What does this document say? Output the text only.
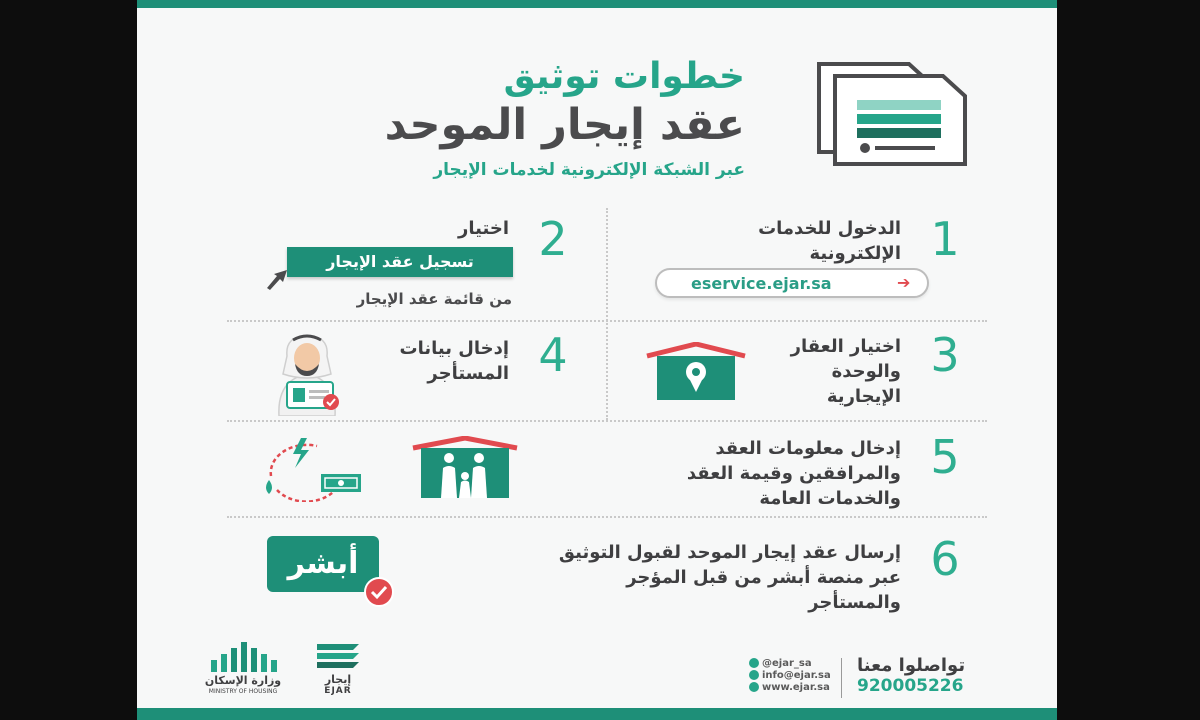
خطوات توثيق
عقد إيجار الموحد
عبر الشبكة الإلكترونية لخدمات الإيجار
1
الدخول للخدمات
الإلكترونية
eservice.ejar.sa	➔
2
اختيار
تسجيل عقد الإيجار
من قائمة عقد الإيجار
3
اختيار العقار
والوحدة
الإيجارية
4
إدخال بيانات
المستأجر
5
إدخال معلومات العقد
والمرافقين وقيمة العقد
والخدمات العامة
6
إرسال عقد إيجار الموحد لقبول التوثيق
عبر منصة أبشر من قبل المؤجر
والمستأجر
أبشر
تواصلوا معنا
920005226
@ejar_sa
info@ejar.sa
www.ejar.sa
إيجار
EJAR
وزارة الإسكان
MINISTRY OF HOUSING
